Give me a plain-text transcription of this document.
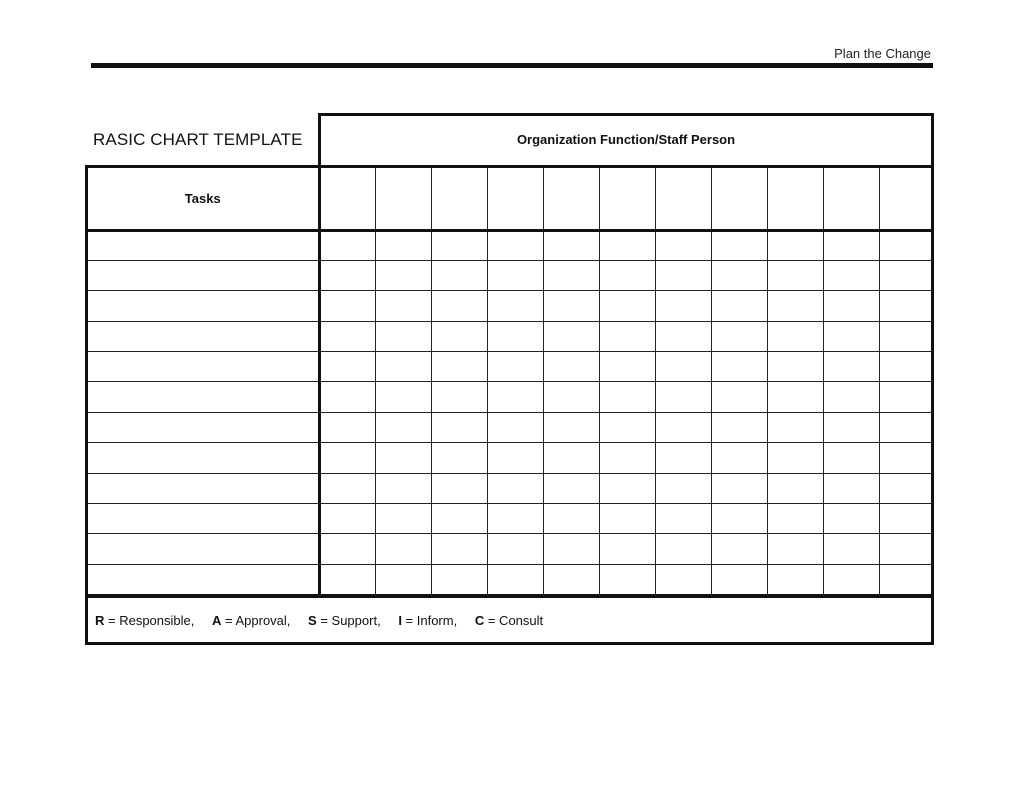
Plan the Change
RASIC CHART TEMPLATE	Organization Function/Staff Person
Tasks											

R = Responsible, A = Approval, S = Support, I = Inform, C = Consult
